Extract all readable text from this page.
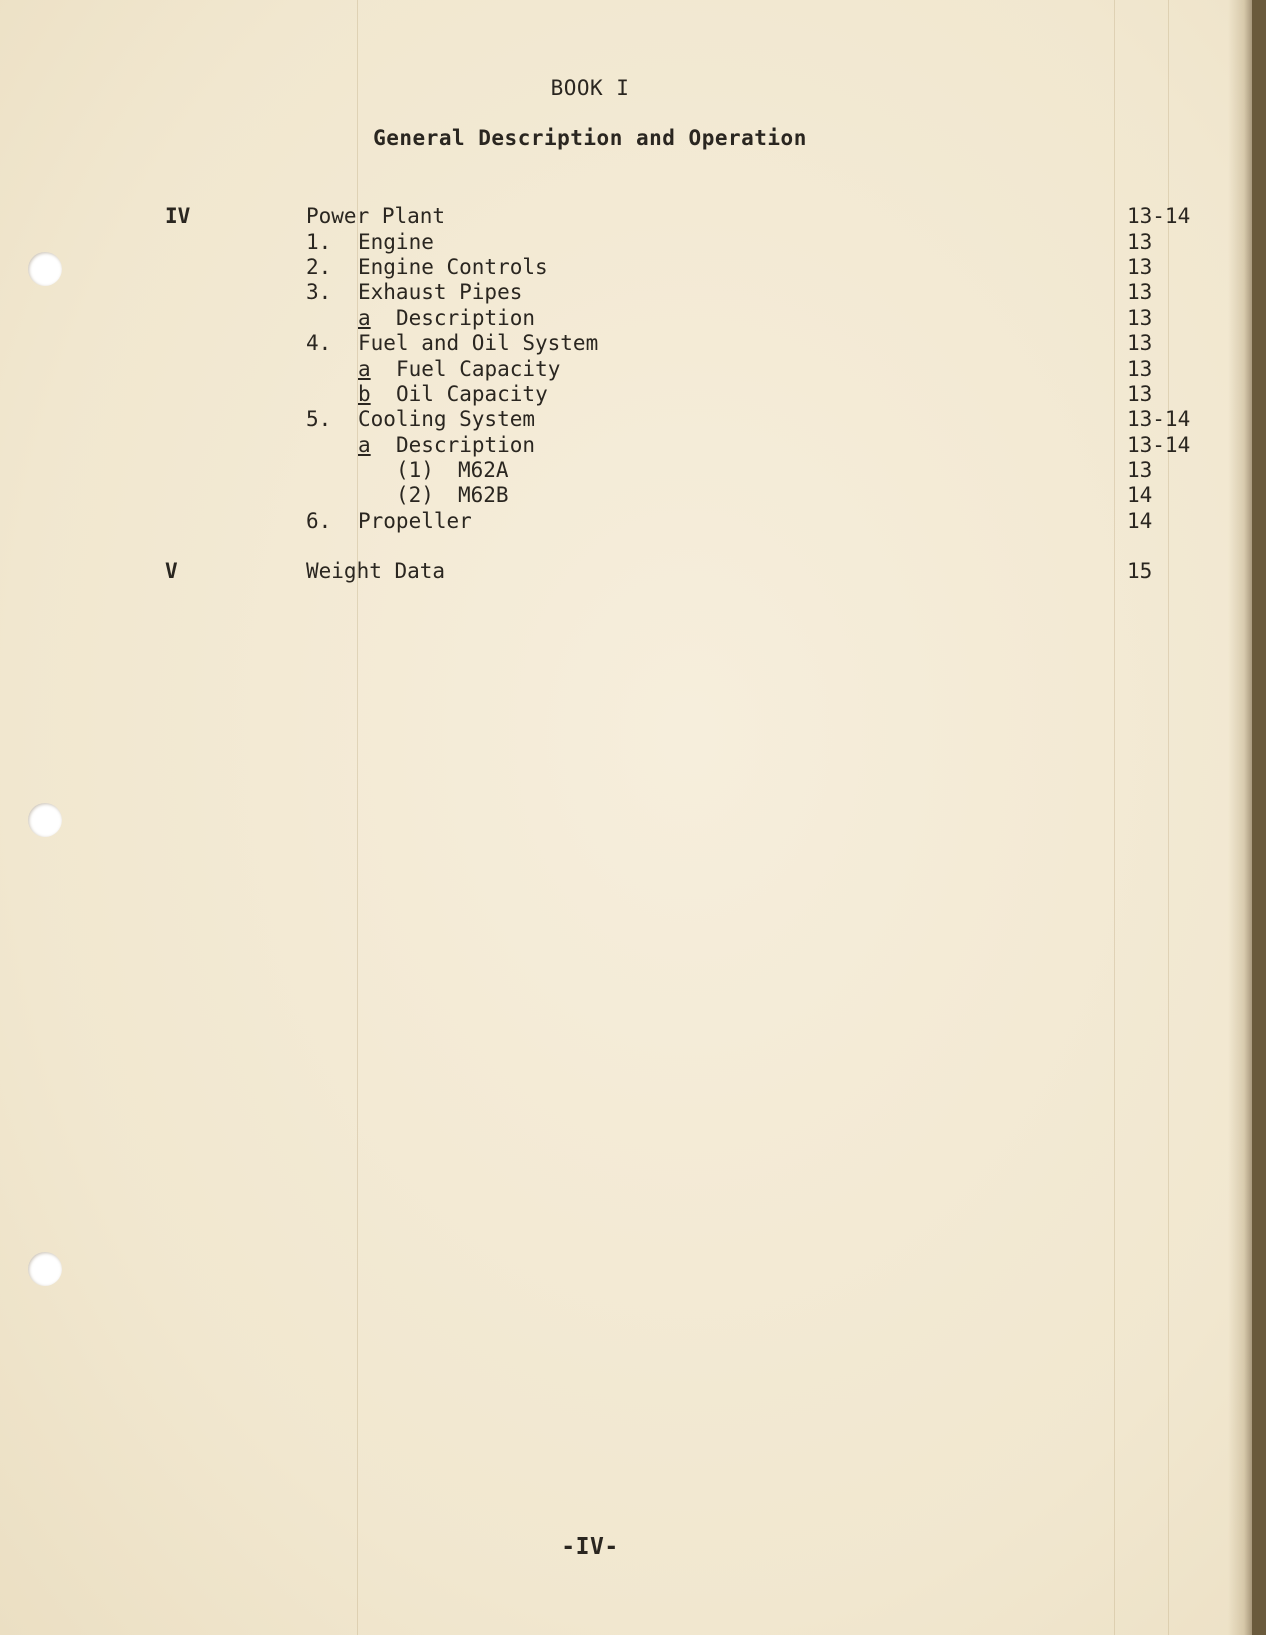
BOOK I
General Description and Operation
IV	Power Plant	13-14
1. Engine	13
2. Engine Controls	13
3. Exhaust Pipes	13
a Description	13
4. Fuel and Oil System	13
a Fuel Capacity	13
b Oil Capacity	13
5. Cooling System	13-14
a Description	13-14
(1) M62A	13
(2) M62B	14
6. Propeller	14
V	Weight Data	15
-IV-
